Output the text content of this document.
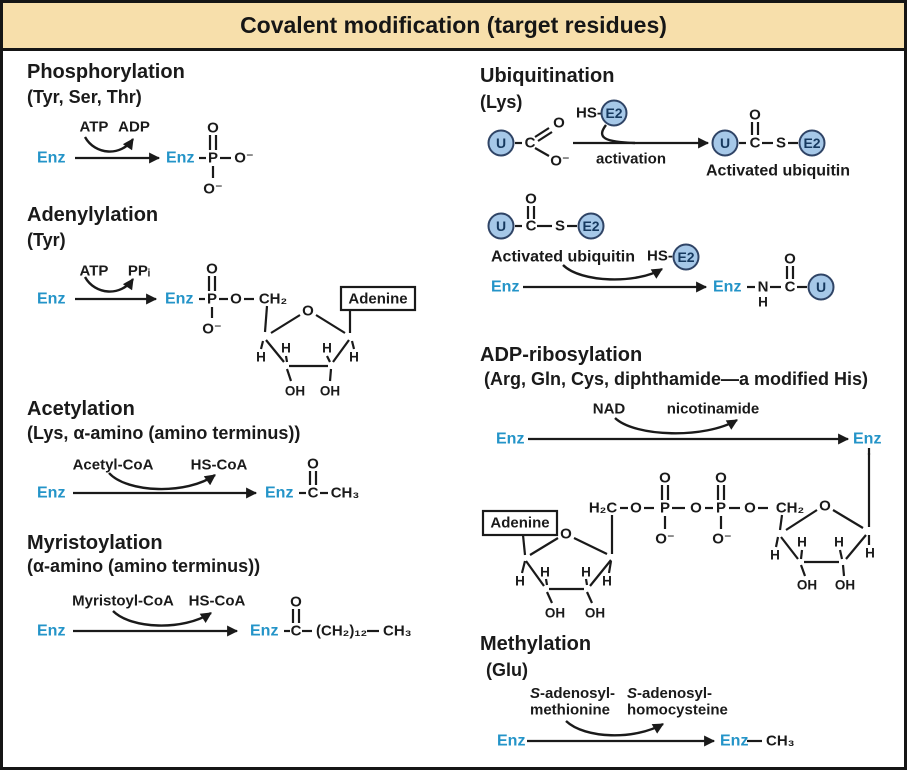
Covalent modification (target residues)
Phosphorylation
(Tyr, Ser, Thr)
ATP ADP
Enz	Enz
O
P O⁻
O⁻
Adenylylation
(Tyr)
ATP PPᵢ
Enz	Enz
O
P
O⁻
O CH₂
O
H
H H
H
OH OH
Adenine
Acetylation
(Lys, α-amino (amino terminus))
Acetyl-CoA HS-CoA
Enz	Enz
O
C CH₃
Myristoylation
(α-amino (amino terminus))
Myristoyl-CoA HS-CoA
Enz	Enz
O
C (CH₂)₁₂ CH₃
Ubiquitination
(Lys)
U C
O
O⁻
HS- E2
activation
U
O
C S E2
Activated ubiquitin
U
O
C S E2
Activated ubiquitin HS- E2
Enz	Enz N
H
O
C U
ADP-ribosylation
(Arg, Gln, Cys, diphthamide—a modified His)
NAD	nicotinamide
Enz	Enz
Adenine
O
H
H H
H
OH OH
H₂C O P
O
O⁻
O P
O
O⁻
O CH₂ O
H
H H
H
OH OH
Methylation
(Glu)
S-adenosyl-
methionine
S-adenosyl-
homocysteine
Enz	Enz CH₃
